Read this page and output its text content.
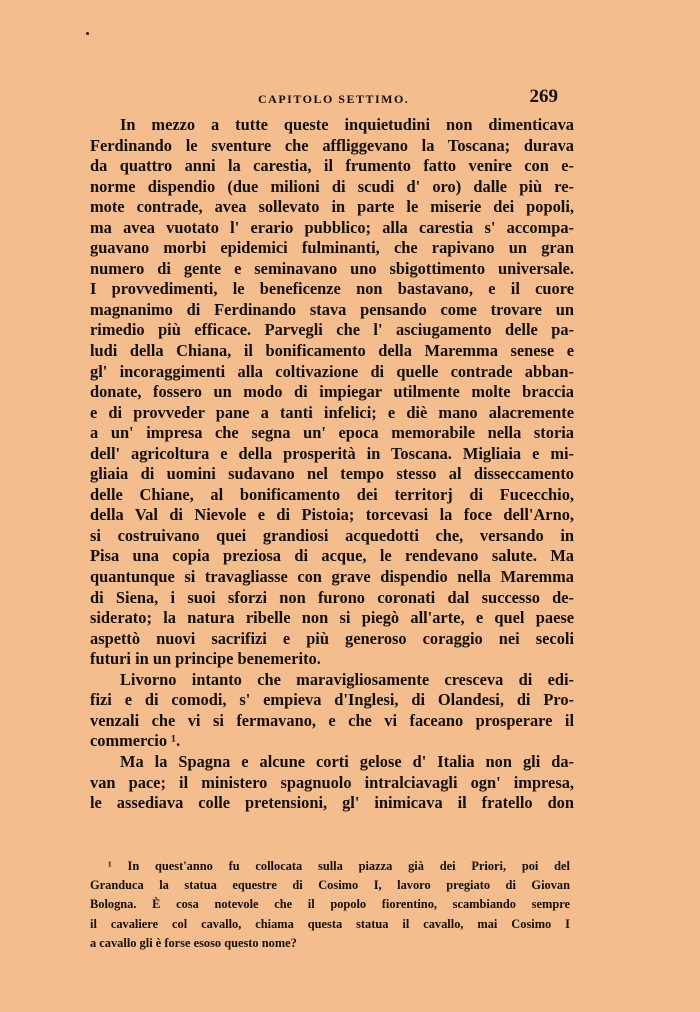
CAPITOLO SETTIMO.	269
In mezzo a tutte queste inquietudini non dimenticava
Ferdinando le sventure che affliggevano la Toscana; durava
da quattro anni la carestia, il frumento fatto venire con e-
norme dispendio (due milioni di scudi d' oro) dalle più re-
mote contrade, avea sollevato in parte le miserie dei popoli,
ma avea vuotato l' erario pubblico; alla carestia s' accompa-
guavano morbi epidemici fulminanti, che rapivano un gran
numero di gente e seminavano uno sbigottimento universale.
I provvedimenti, le beneficenze non bastavano, e il cuore
magnanimo di Ferdinando stava pensando come trovare un
rimedio più efficace. Parvegli che l' asciugamento delle pa-
ludi della Chiana, il bonificamento della Maremma senese e
gl' incoraggimenti alla coltivazione di quelle contrade abban-
donate, fossero un modo di impiegar utilmente molte braccia
e di provveder pane a tanti infelici; e diè mano alacremente
a un' impresa che segna un' epoca memorabile nella storia
dell' agricoltura e della prosperità in Toscana. Migliaia e mi-
gliaia di uomini sudavano nel tempo stesso al disseccamento
delle Chiane, al bonificamento dei territorj di Fucecchio,
della Val di Nievole e di Pistoia; torcevasi la foce dell'Arno,
si costruivano quei grandiosi acquedotti che, versando in
Pisa una copia preziosa di acque, le rendevano salute. Ma
quantunque si travagliasse con grave dispendio nella Maremma
di Siena, i suoi sforzi non furono coronati dal successo de-
siderato; la natura ribelle non si piegò all'arte, e quel paese
aspettò nuovi sacrifizi e più generoso coraggio nei secoli
futuri in un principe benemerito.
Livorno intanto che maravigliosamente cresceva di edi-
fizi e di comodi, s' empieva d'Inglesi, di Olandesi, di Pro-
venzali che vi si fermavano, e che vi faceano prosperare il
commercio ¹.
Ma la Spagna e alcune corti gelose d' Italia non gli da-
van pace; il ministero spagnuolo intralciavagli ogn' impresa,
le assediava colle pretensioni, gl' inimicava il fratello don
¹ In quest'anno fu collocata sulla piazza già dei Priori, poi del
Granduca la statua equestre di Cosimo I, lavoro pregiato di Giovan
Bologna. È cosa notevole che il popolo fiorentino, scambiando sempre
il cavaliere col cavallo, chiama questa statua il cavallo, mai Cosimo I
a cavallo gli è forse esoso questo nome?
